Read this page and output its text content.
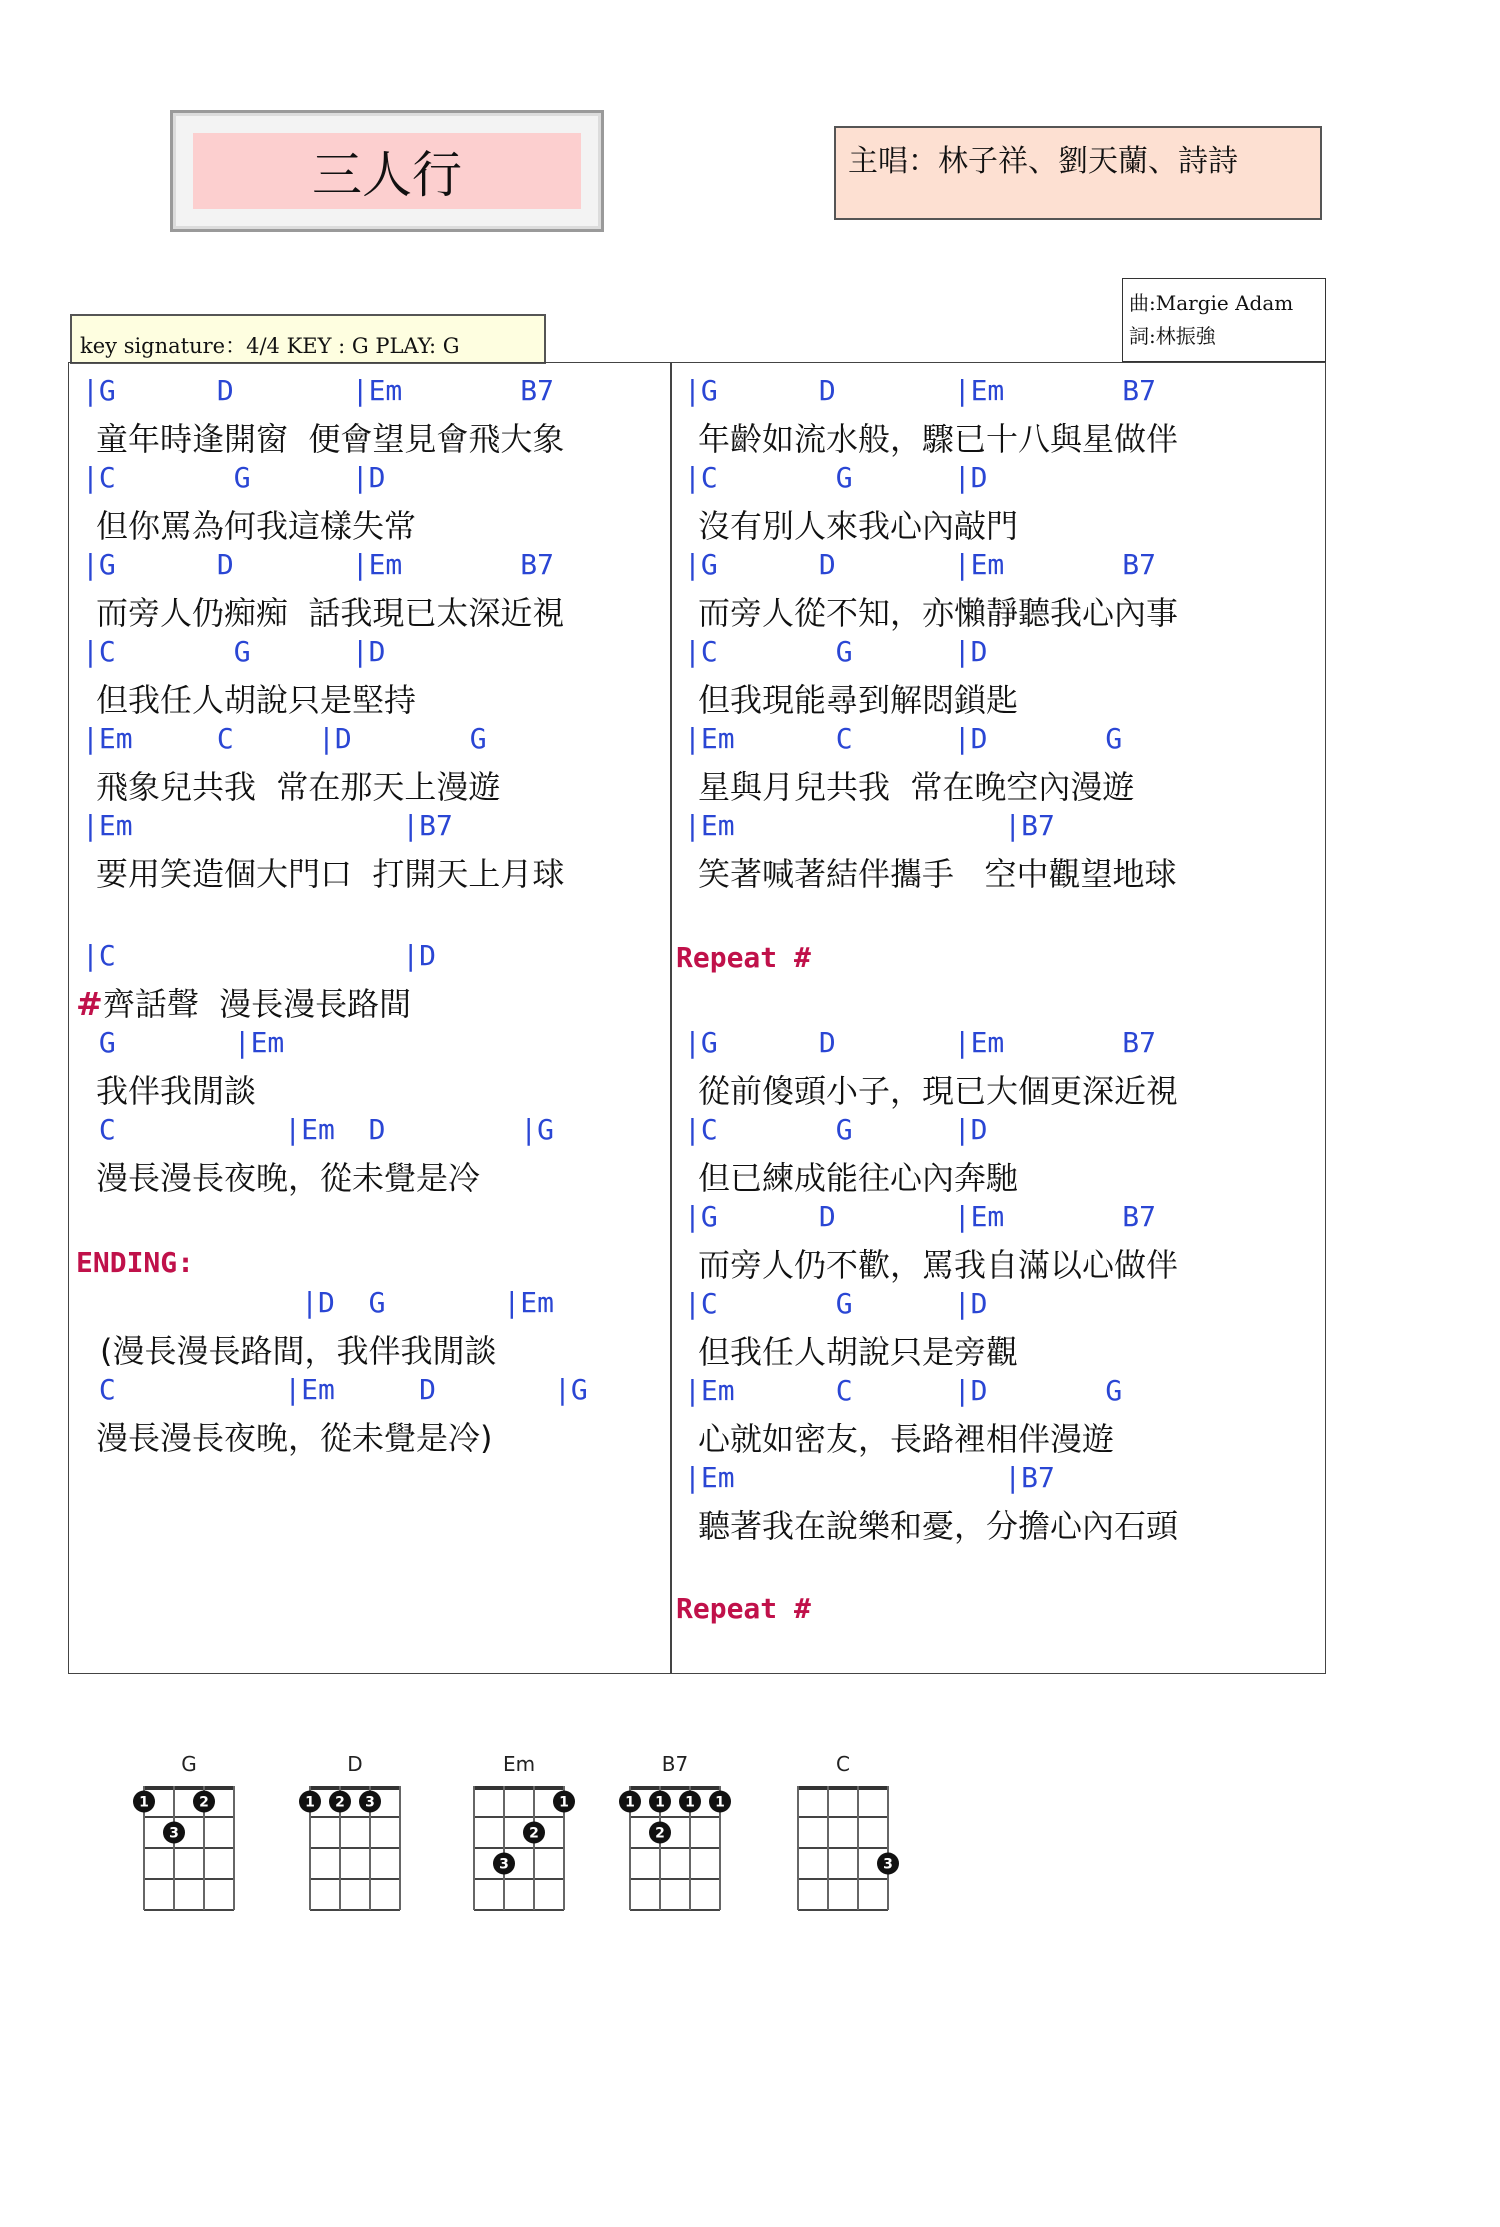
三人行	主唱：林子祥、劉天蘭、詩詩
key signature：4/4 KEY : G PLAY: G
曲:Margie Adam
詞:林振強
|G      D       |Em       B7
童年時逢開窗  便會望見會飛大象
|C       G      |D
但你罵為何我這樣失常
|G      D       |Em       B7
而旁人仍痴痴  話我現已太深近視
|C       G      |D
但我任人胡說只是堅持
|Em     C     |D       G
飛象兒共我  常在那天上漫遊
|Em                |B7
要用笑造個大門口  打開天上月球
|C                 |D
#齊話聲  漫長漫長路間
G       |Em
我伴我閒談
C          |Em  D        |G
漫長漫長夜晚，從未覺是冷
ENDING:
|D  G       |Em
(漫長漫長路間，我伴我閒談
C          |Em     D       |G
漫長漫長夜晚，從未覺是冷)
|G      D       |Em       B7
年齡如流水般，驟已十八與星做伴
|C       G      |D
沒有別人來我心內敲門
|G      D       |Em       B7
而旁人從不知，亦懶靜聽我心內事
|C       G      |D
但我現能尋到解悶鎖匙
|Em      C      |D       G
星與月兒共我  常在晚空內漫遊
|Em                |B7
笑著喊著結伴攜手   空中觀望地球
Repeat #
|G      D       |Em       B7
從前傻頭小子，現已大個更深近視
|C       G      |D
但已練成能往心內奔馳
|G      D       |Em       B7
而旁人仍不歡，罵我自滿以心做伴
|C       G      |D
但我任人胡說只是旁觀
|Em      C      |D       G
心就如密友，長路裡相伴漫遊
|Em                |B7
聽著我在說樂和憂，分擔心內石頭
Repeat #
G
1	2
3
D
1 2 3
Em
1
2
3
B7
1 1 1 1
2
C
3
